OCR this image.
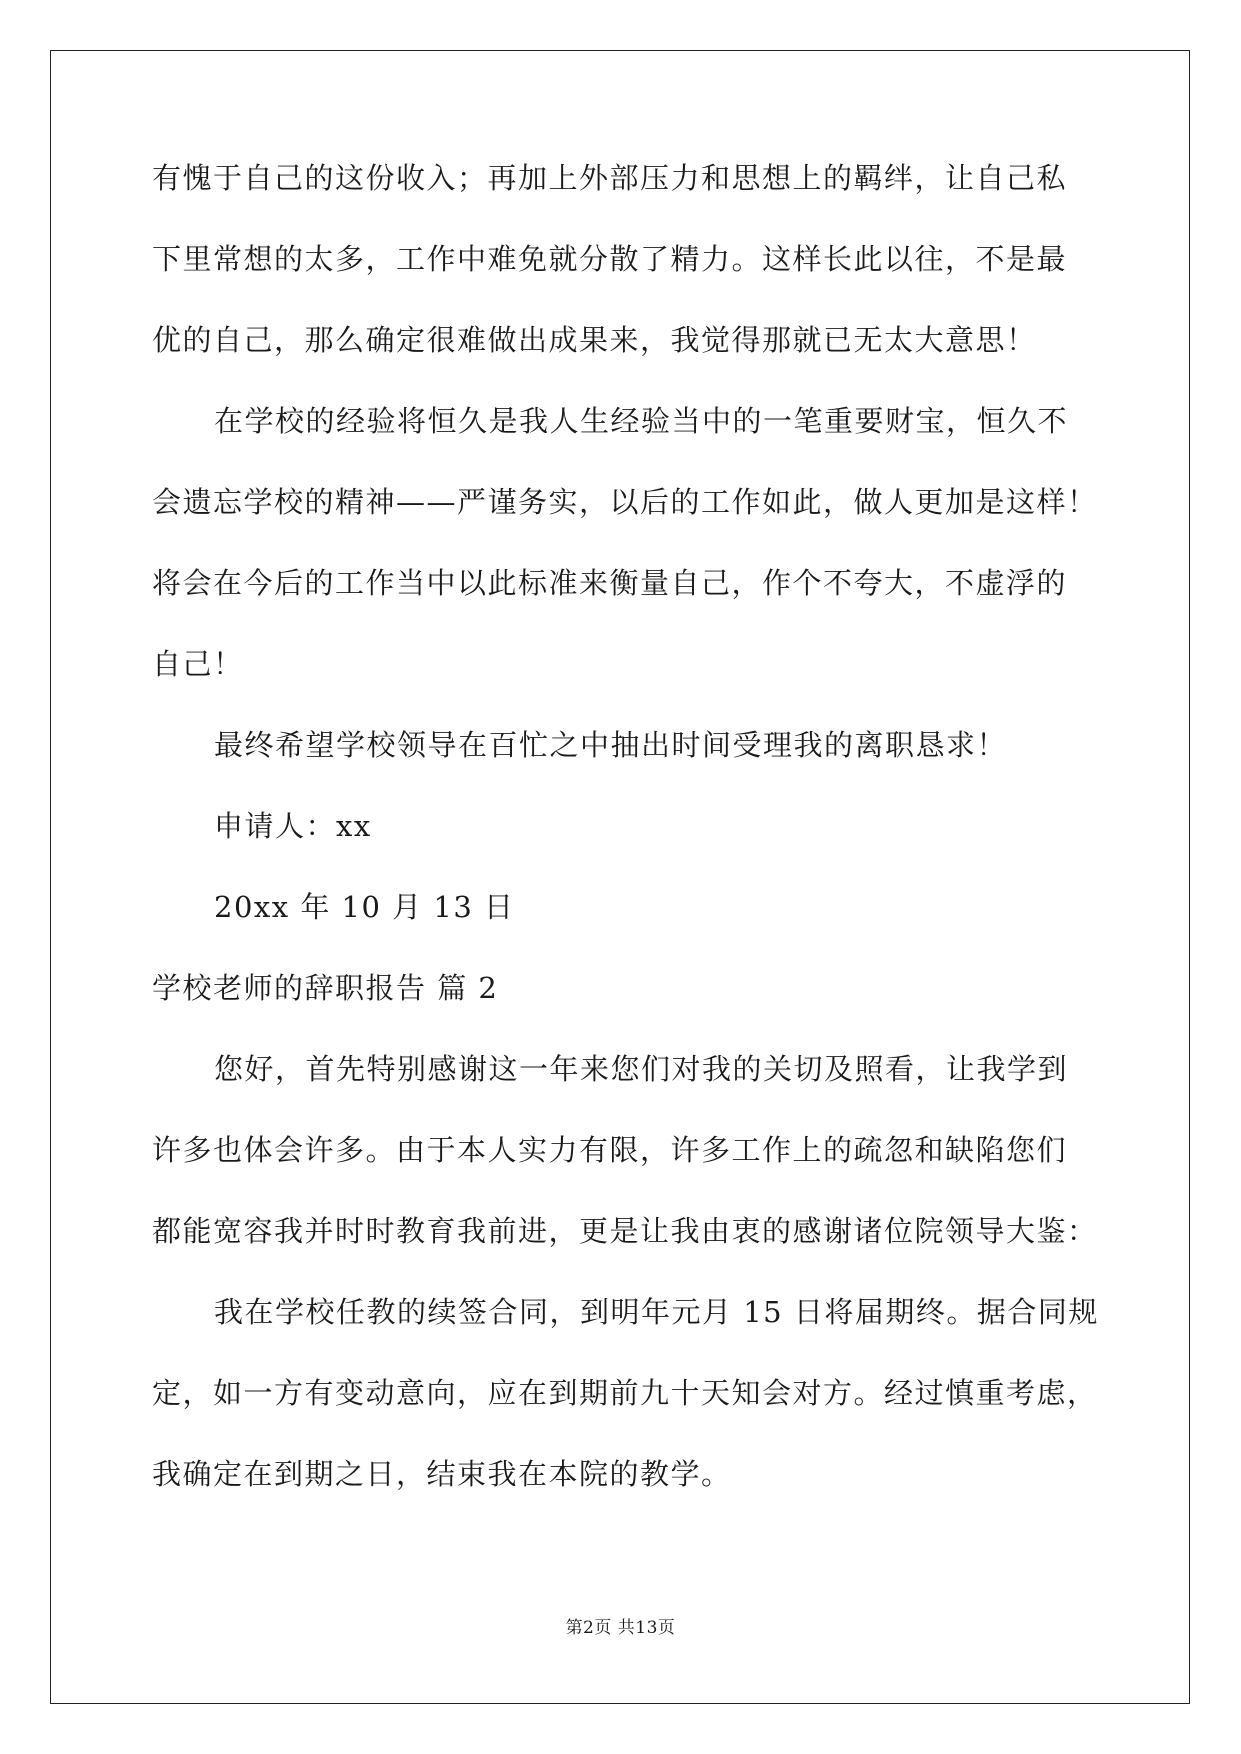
有愧于自己的这份收入；再加上外部压力和思想上的羁绊，让自己私
下里常想的太多，工作中难免就分散了精力。这样长此以往，不是最
优的自己，那么确定很难做出成果来，我觉得那就已无太大意思！
在学校的经验将恒久是我人生经验当中的一笔重要财宝，恒久不
会遗忘学校的精神——严谨务实，以后的工作如此，做人更加是这样！
将会在今后的工作当中以此标准来衡量自己，作个不夸大，不虚浮的
自己！
最终希望学校领导在百忙之中抽出时间受理我的离职恳求！
申请人：xx
20xx 年 10 月 13 日
学校老师的辞职报告 篇 2
您好，首先特别感谢这一年来您们对我的关切及照看，让我学到
许多也体会许多。由于本人实力有限，许多工作上的疏忽和缺陷您们
都能宽容我并时时教育我前进，更是让我由衷的感谢诸位院领导大鉴：
我在学校任教的续签合同，到明年元月 15 日将届期终。据合同规
定，如一方有变动意向，应在到期前九十天知会对方。经过慎重考虑，
我确定在到期之日，结束我在本院的教学。
第2页 共13页
